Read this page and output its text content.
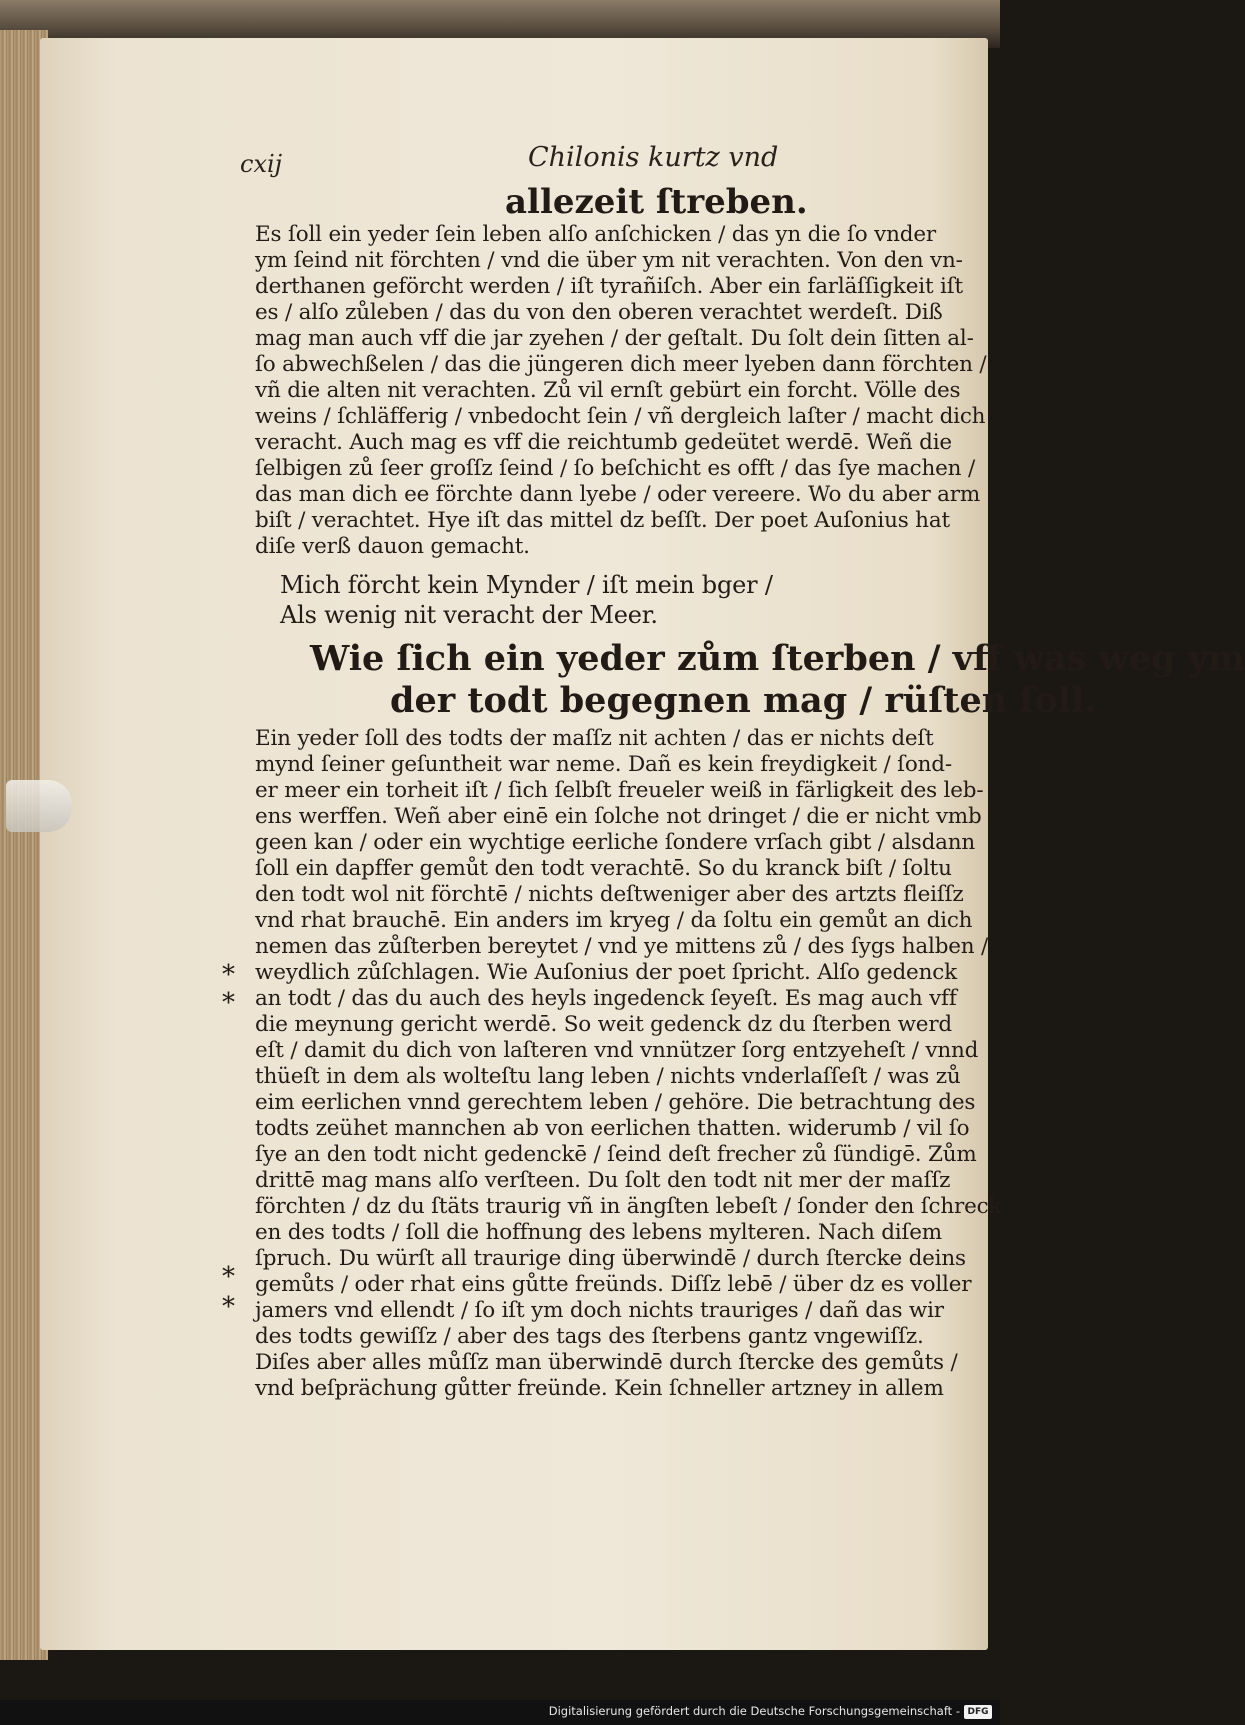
cxij	Chilonis kurtz vnd
allezeit ſtreben.
Es ſoll ein yeder ſein leben alſo anſchicken / das yn die ſo vnder
ym ſeind nit förchten / vnd die über ym nit verachten. Von den vn-
derthanen geförcht werden / iſt tyrañiſch. Aber ein farläſſigkeit iſt
es / alſo zůleben / das du von den oberen verachtet werdeſt. Diß
mag man auch vff die jar zyehen / der geſtalt. Du ſolt dein ſitten al-
ſo abwechßelen / das die jüngeren dich meer lyeben dann förchten /
vñ die alten nit verachten. Zů vil ernſt gebürt ein forcht. Völle des
weins / ſchläfferig / vnbedocht ſein / vñ dergleich laſter / macht dich
veracht. Auch mag es vff die reichtumb gedeütet werdē. Weñ die
ſelbigen zů ſeer groſſz ſeind / ſo beſchicht es offt / das ſye machen /
das man dich ee förchte dann lyebe / oder vereere. Wo du aber arm
biſt / verachtet. Hye iſt das mittel dz beſſt. Der poet Auſonius hat
diſe verß dauon gemacht.
Mich förcht kein Mynder / iſt mein bger /
Als wenig nit veracht der Meer.
Wie ſich ein yeder zům ſterben / vff was weg ym
der todt begegnen mag / rüſten ſoll.
Ein yeder ſoll des todts der maſſz nit achten / das er nichts deſt
mynd ſeiner geſuntheit war neme. Dañ es kein freydigkeit / ſond-
er meer ein torheit iſt / ſich ſelbſt freueler weiß in färligkeit des leb-
ens werffen. Weñ aber einē ein ſolche not dringet / die er nicht vmb
geen kan / oder ein wychtige eerliche ſondere vrſach gibt / alsdann
ſoll ein dapffer gemůt den todt verachtē. So du kranck biſt / ſoltu
den todt wol nit förchtē / nichts deſtweniger aber des artzts fleiſſz
vnd rhat brauchē. Ein anders im kryeg / da ſoltu ein gemůt an dich
nemen das zůſterben bereytet / vnd ye mittens zů / des ſygs halben /
weydlich zůſchlagen. Wie Auſonius der poet ſpricht. Alſo gedenck
an todt / das du auch des heyls ingedenck ſeyeſt. Es mag auch vff
die meynung gericht werdē. So weit gedenck dz du ſterben werd
eſt / damit du dich von laſteren vnd vnnützer ſorg entzyeheſt / vnnd
thüeſt in dem als wolteſtu lang leben / nichts vnderlaſſeſt / was zů
eim eerlichen vnnd gerechtem leben / gehöre. Die betrachtung des
todts zeühet mannchen ab von eerlichen thatten. widerumb / vil ſo
ſye an den todt nicht gedenckē / ſeind deſt frecher zů ſündigē. Zům
drittē mag mans alſo verſteen. Du ſolt den todt nit mer der maſſz
förchten / dz du ſtäts traurig vñ in ängſten lebeſt / ſonder den ſchreck
en des todts / ſoll die hoffnung des lebens mylteren. Nach diſem
ſpruch. Du würſt all traurige ding überwindē / durch ſtercke deins
gemůts / oder rhat eins gůtte freünds. Diſſz lebē / über dz es voller
jamers vnd ellendt / ſo iſt ym doch nichts trauriges / dañ das wir
des todts gewiſſz / aber des tags des ſterbens gantz vngewiſſz.
Diſes aber alles můſſz man überwindē durch ſtercke des gemůts /
vnd beſprächung gůtter freünde. Kein ſchneller artzney in allem
*
*
*
*
Digitalisierung gefördert durch die Deutsche Forschungsgemeinschaft - DFG
